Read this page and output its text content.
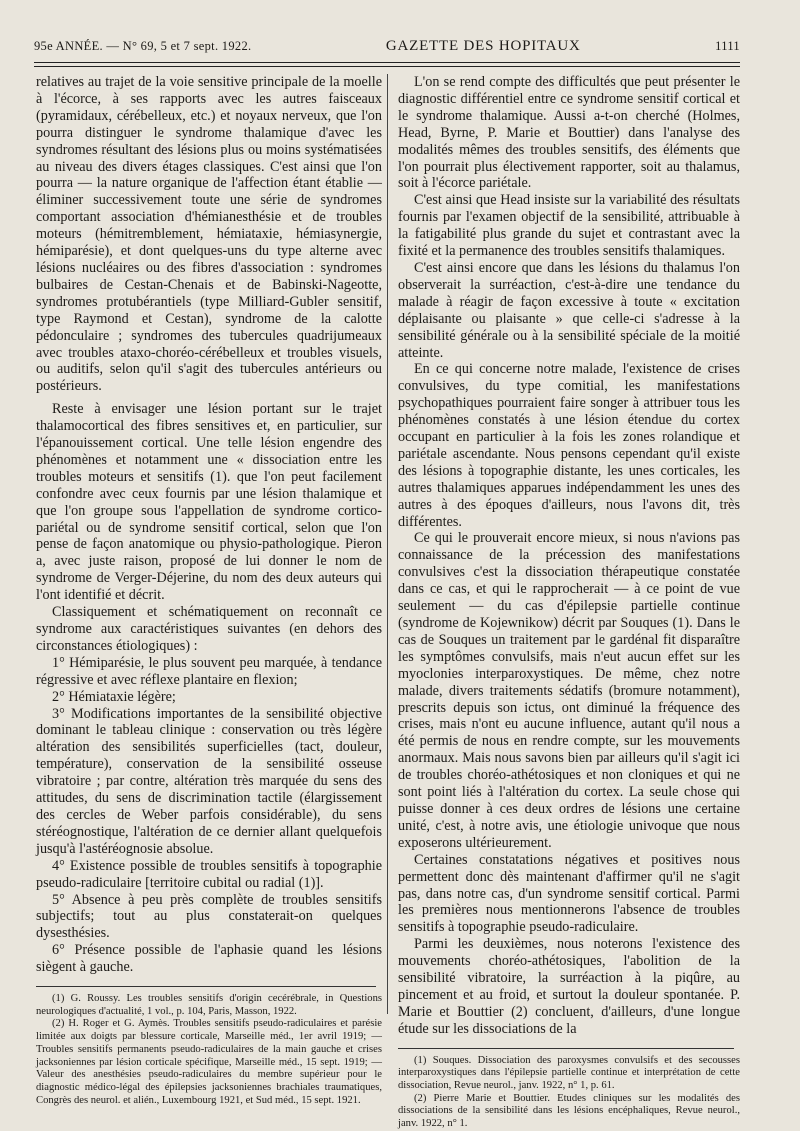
95e ANNÉE. — N° 69, 5 et 7 sept. 1922.	GAZETTE DES HOPITAUX	1111

relatives au trajet de la voie sensitive principale de la moelle à l'écorce, à ses rapports avec les autres faisceaux (pyramidaux, cérébelleux, etc.) et noyaux nerveux, que l'on pourra distinguer le syndrome thalamique d'avec les syndromes résultant des lésions plus ou moins systématisées au niveau des divers étages classiques. C'est ainsi que l'on pourra — la nature organique de l'affection étant établie — éliminer successivement toute une série de syndromes comportant association d'hémianesthésie et de troubles moteurs (hémitremblement, hémiataxie, hémiasynergie, hémiparésie), et dont quelques-uns du type alterne avec lésions nucléaires ou des fibres d'association : syndromes bulbaires de Cestan-Chenais et de Babinski-Nageotte, syndromes protubérantiels (type Milliard-Gubler sensitif, type Raymond et Cestan), syndrome de la calotte pédonculaire ; syndromes des tubercules quadrijumeaux avec troubles ataxo-choréo-cérébelleux et troubles visuels, ou auditifs, selon qu'il s'agit des tubercules antérieurs ou postérieurs.

Reste à envisager une lésion portant sur le trajet thalamocortical des fibres sensitives et, en particulier, sur l'épanouissement cortical. Une telle lésion engendre des phénomènes et notamment une « dissociation entre les troubles moteurs et sensitifs (1). que l'on peut facilement confondre avec ceux fournis par une lésion thalamique et que l'on groupe sous l'appellation de syndrome cortico-pariétal ou de syndrome sensitif cortical, selon que l'on pense de façon anatomique ou physio-pathologique. Pieron a, avec juste raison, proposé de lui donner le nom de syndrome de Verger-Déjerine, du nom des deux auteurs qui l'ont identifié et décrit.

Classiquement et schématiquement on reconnaît ce syndrome aux caractéristiques suivantes (en dehors des circonstances étiologiques) :

1° Hémiparésie, le plus souvent peu marquée, à tendance régressive et avec réflexe plantaire en flexion;

2° Hémiataxie légère;

3° Modifications importantes de la sensibilité objective dominant le tableau clinique : conservation ou très légère altération des sensibilités superficielles (tact, douleur, température), conservation de la sensibilité osseuse vibratoire ; par contre, altération très marquée du sens des attitudes, du sens de discrimination tactile (élargissement des cercles de Weber parfois considérable), du sens stéréognostique, l'altération de ce dernier allant quelquefois jusqu'à l'astéréognosie absolue.

4° Existence possible de troubles sensitifs à topographie pseudo-radiculaire [territoire cubital ou radial (1)].

5° Absence à peu près complète de troubles sensitifs subjectifs; tout au plus constaterait-on quelques dysesthésies.

6° Présence possible de l'aphasie quand les lésions siègent à gauche.

(1) G. Roussy. Les troubles sensitifs d'origin cecérébrale, in Questions neurologiques d'actualité, 1 vol., p. 104, Paris, Masson, 1922.

(2) H. Roger et G. Aymès. Troubles sensitifs pseudo-radiculaires et parésie limitée aux doigts par blessure corticale, Marseille méd., 1er avril 1919; — Troubles sensitifs permanents pseudo-radiculaires de la main gauche et crises jacksoniennes par lésion corticale spécifique, Marseille méd., 15 sept. 1919; — Valeur des anesthésies pseudo-radiculaires du membre supérieur pour le diagnostic médico-légal des épilepsies jacksoniennes brachiales traumatiques, Congrès des neurol. et alién., Luxembourg 1921, et Sud méd., 15 sept. 1921.

L'on se rend compte des difficultés que peut présenter le diagnostic différentiel entre ce syndrome sensitif cortical et le syndrome thalamique. Aussi a-t-on cherché (Holmes, Head, Byrne, P. Marie et Bouttier) dans l'analyse des modalités mêmes des troubles sensitifs, des éléments que l'on pourrait plus électivement rapporter, soit au thalamus, soit à l'écorce pariétale.

C'est ainsi que Head insiste sur la variabilité des résultats fournis par l'examen objectif de la sensibilité, attribuable à la fatigabilité plus grande du sujet et contrastant avec la fixité et la permanence des troubles sensitifs thalamiques.

C'est ainsi encore que dans les lésions du thalamus l'on observerait la surréaction, c'est-à-dire une tendance du malade à réagir de façon excessive à toute « excitation déplaisante ou plaisante » que celle-ci s'adresse à la sensibilité générale ou à la sensibilité spéciale de la moitié atteinte.

En ce qui concerne notre malade, l'existence de crises convulsives, du type comitial, les manifestations psychopathiques pourraient faire songer à attribuer tous les phénomènes constatés à une lésion étendue du cortex occupant en particulier à la fois les zones rolandique et pariétale ascendante. Nous pensons cependant qu'il existe des lésions à topographie distante, les unes corticales, les autres thalamiques apparues indépendamment les unes des autres à des époques d'ailleurs, nous l'avons dit, très différentes.

Ce qui le prouverait encore mieux, si nous n'avions pas connaissance de la précession des manifestations convulsives c'est la dissociation thérapeutique constatée dans ce cas, et qui le rapprocherait — à ce point de vue seulement — du cas d'épilepsie partielle continue (syndrome de Kojewnikow) décrit par Souques (1). Dans le cas de Souques un traitement par le gardénal fit disparaître les symptômes convulsifs, mais n'eut aucun effet sur les myoclonies interparoxystiques. De même, chez notre malade, divers traitements sédatifs (bromure notamment), prescrits depuis son ictus, ont diminué la fréquence des crises, mais n'ont eu aucune influence, autant qu'il nous a été permis de nous en rendre compte, sur les mouvements anormaux. Mais nous savons bien par ailleurs qu'il s'agit ici de troubles choréo-athétosiques et non cloniques et qui ne sont point liés à l'altération du cortex. La seule chose qui puisse donner à ces deux ordres de lésions une certaine unité, c'est, à notre avis, une étiologie univoque que nous exposerons ultérieurement.

Certaines constatations négatives et positives nous permettent donc dès maintenant d'affirmer qu'il ne s'agit pas, dans notre cas, d'un syndrome sensitif cortical. Parmi les premières nous mentionnerons l'absence de troubles sensitifs à topographie pseudo-radiculaire.

Parmi les deuxièmes, nous noterons l'existence des mouvements choréo-athétosiques, l'abolition de la sensibilité vibratoire, la surréaction à la piqûre, au pincement et au froid, et surtout la douleur spontanée. P. Marie et Bouttier (2) concluent, d'ailleurs, d'une longue étude sur les dissociations de la

(1) Souques. Dissociation des paroxysmes convulsifs et des secousses interparoxystiques dans l'épilepsie partielle continue et interprétation de cette dissociation, Revue neurol., janv. 1922, n° 1, p. 61.

(2) Pierre Marie et Bouttier. Etudes cliniques sur les modalités des dissociations de la sensibilité dans les lésions encéphaliques, Revue neurol., janv. 1922, n° 1.
